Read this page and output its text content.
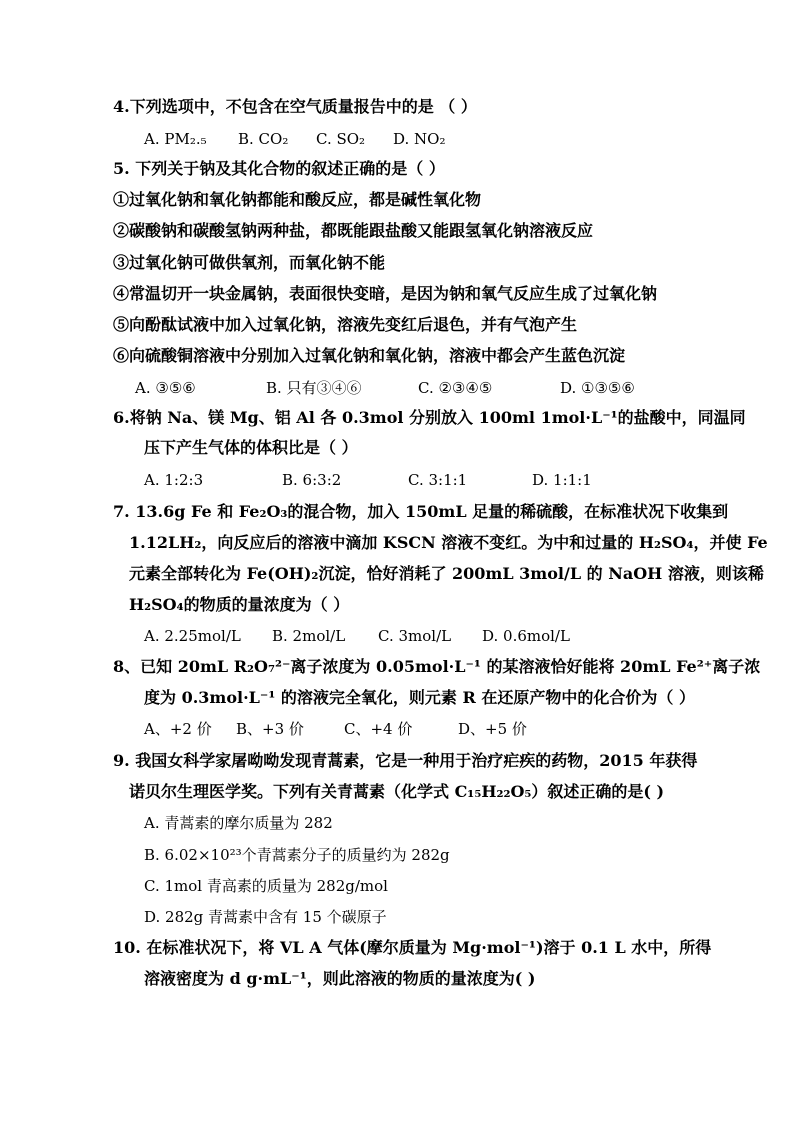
4.下列选项中，不包含在空气质量报告中的是 （ ）
A. PM₂.₅ B. CO₂ C. SO₂ D. NO₂
5. 下列关于钠及其化合物的叙述正确的是（ ）
①过氧化钠和氧化钠都能和酸反应，都是碱性氧化物
②碳酸钠和碳酸氢钠两种盐，都既能跟盐酸又能跟氢氧化钠溶液反应
③过氧化钠可做供氧剂，而氧化钠不能
④常温切开一块金属钠，表面很快变暗，是因为钠和氧气反应生成了过氧化钠
⑤向酚酞试液中加入过氧化钠，溶液先变红后退色，并有气泡产生
⑥向硫酸铜溶液中分别加入过氧化钠和氧化钠，溶液中都会产生蓝色沉淀
A. ③⑤⑥	B. 只有③④⑥	C. ②③④⑤	D. ①③⑤⑥
6.将钠 Na、镁 Mg、铝 Al 各 0.3mol 分别放入 100ml 1mol·L⁻¹的盐酸中，同温同
压下产生气体的体积比是（ ）
A. 1:2:3	B. 6:3:2	C. 3:1:1	D. 1:1:1
7. 13.6g Fe 和 Fe₂O₃的混合物，加入 150mL 足量的稀硫酸，在标准状况下收集到
1.12LH₂，向反应后的溶液中滴加 KSCN 溶液不变红。为中和过量的 H₂SO₄，并使 Fe
元素全部转化为 Fe(OH)₂沉淀，恰好消耗了 200mL 3mol/L 的 NaOH 溶液，则该稀
H₂SO₄的物质的量浓度为（ ）
A. 2.25mol/L B. 2mol/L C. 3mol/L D. 0.6mol/L
8、已知 20mL R₂O₇²⁻离子浓度为 0.05mol·L⁻¹ 的某溶液恰好能将 20mL Fe²⁺离子浓
度为 0.3mol·L⁻¹ 的溶液完全氧化，则元素 R 在还原产物中的化合价为（ ）
A、+2 价 B、+3 价	C、+4 价	D、+5 价
9. 我国女科学家屠呦呦发现青蒿素，它是一种用于治疗疟疾的药物，2015 年获得
诺贝尔生理医学奖。下列有关青蒿素（化学式 C₁₅H₂₂O₅）叙述正确的是( )
A. 青蒿素的摩尔质量为 282
B. 6.02×10²³个青蒿素分子的质量约为 282g
C. 1mol 青高素的质量为 282g/mol
D. 282g 青蒿素中含有 15 个碳原子
10. 在标准状况下，将 VL A 气体(摩尔质量为 Mg·mol⁻¹)溶于 0.1 L 水中，所得
溶液密度为 d g·mL⁻¹，则此溶液的物质的量浓度为( )
